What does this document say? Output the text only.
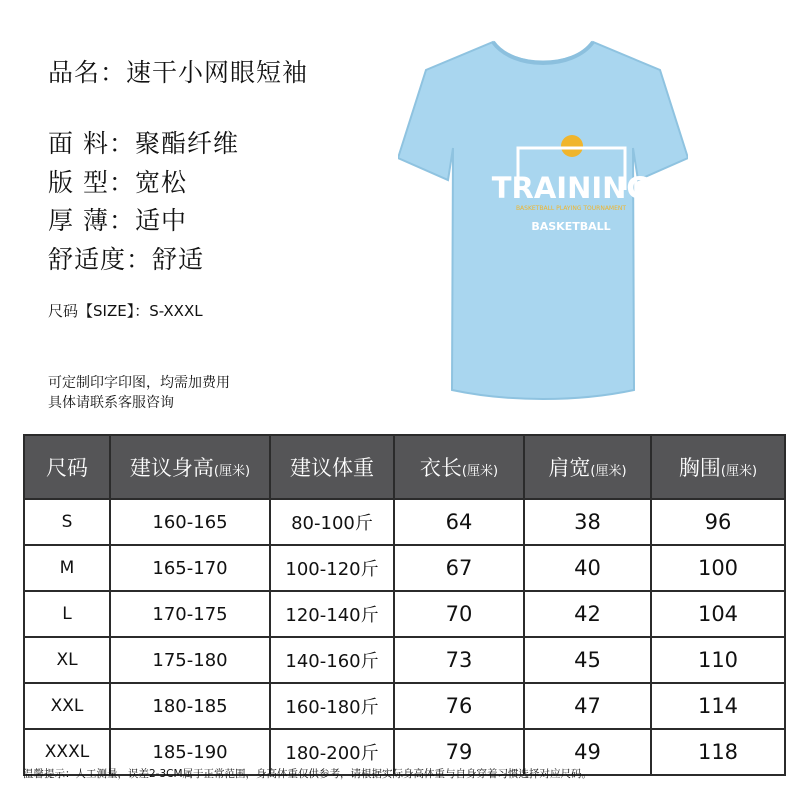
品名：速干小网眼短袖
面 料：聚酯纤维
版 型：宽松
厚 薄：适中
舒适度：舒适
尺码【SIZE】：S-XXXL
可定制印字印图，均需加费用
具体请联系客服咨询
TRAINING
BASKETBALL PLAYING TOURNAMENT
BASKETBALL
尺码	建议身高(厘米)	建议体重	衣长(厘米)	肩宽(厘米)	胸围(厘米)
S	160-165	80-100斤	64	38	96
M	165-170	100-120斤	67	40	100
L	170-175	120-140斤	70	42	104
XL	175-180	140-160斤	73	45	110
XXL	180-185	160-180斤	76	47	114
XXXL	185-190	180-200斤	79	49	118
温馨提示：人工测量，误差2-3CM属于正常范围，身高体重仅供参考，请根据实际身高体重与自身穿着习惯选择对应尺码。
